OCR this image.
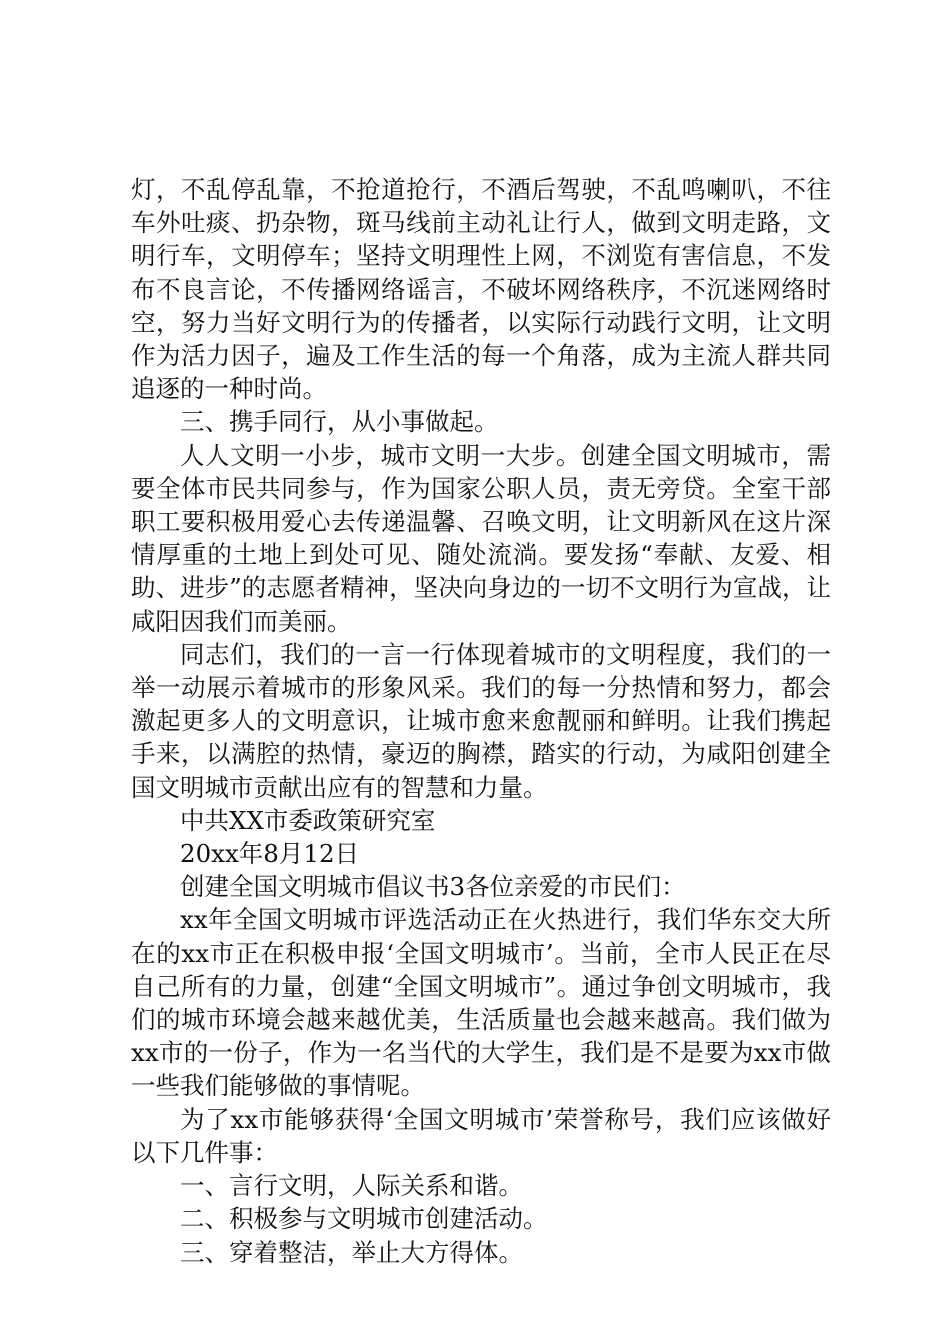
灯，不乱停乱靠，不抢道抢行，不酒后驾驶，不乱鸣喇叭，不往车外吐痰、扔杂物，斑马线前主动礼让行人，做到文明走路，文明行车，文明停车；坚持文明理性上网，不浏览有害信息，不发布不良言论，不传播网络谣言，不破坏网络秩序，不沉迷网络时空，努力当好文明行为的传播者，以实际行动践行文明，让文明作为活力因子，遍及工作生活的每一个角落，成为主流人群共同追逐的一种时尚。

三、携手同行，从小事做起。

人人文明一小步，城市文明一大步。创建全国文明城市，需要全体市民共同参与，作为国家公职人员，责无旁贷。全室干部职工要积极用爱心去传递温馨、召唤文明，让文明新风在这片深情厚重的土地上到处可见、随处流淌。要发扬“奉献、友爱、相助、进步”的志愿者精神，坚决向身边的一切不文明行为宣战，让咸阳因我们而美丽。

同志们，我们的一言一行体现着城市的文明程度，我们的一举一动展示着城市的形象风采。我们的每一分热情和努力，都会激起更多人的文明意识，让城市愈来愈靓丽和鲜明。让我们携起手来，以满腔的热情，豪迈的胸襟，踏实的行动，为咸阳创建全国文明城市贡献出应有的智慧和力量。

中共XX市委政策研究室

20xx年8月12日

创建全国文明城市倡议书3各位亲爱的市民们：

xx年全国文明城市评选活动正在火热进行，我们华东交大所在的xx市正在积极申报‘全国文明城市’。当前，全市人民正在尽自己所有的力量，创建“全国文明城市”。通过争创文明城市，我们的城市环境会越来越优美，生活质量也会越来越高。我们做为xx市的一份子，作为一名当代的大学生，我们是不是要为xx市做一些我们能够做的事情呢。

为了xx市能够获得‘全国文明城市’荣誉称号，我们应该做好以下几件事：

一、言行文明，人际关系和谐。

二、积极参与文明城市创建活动。

三、穿着整洁，举止大方得体。
